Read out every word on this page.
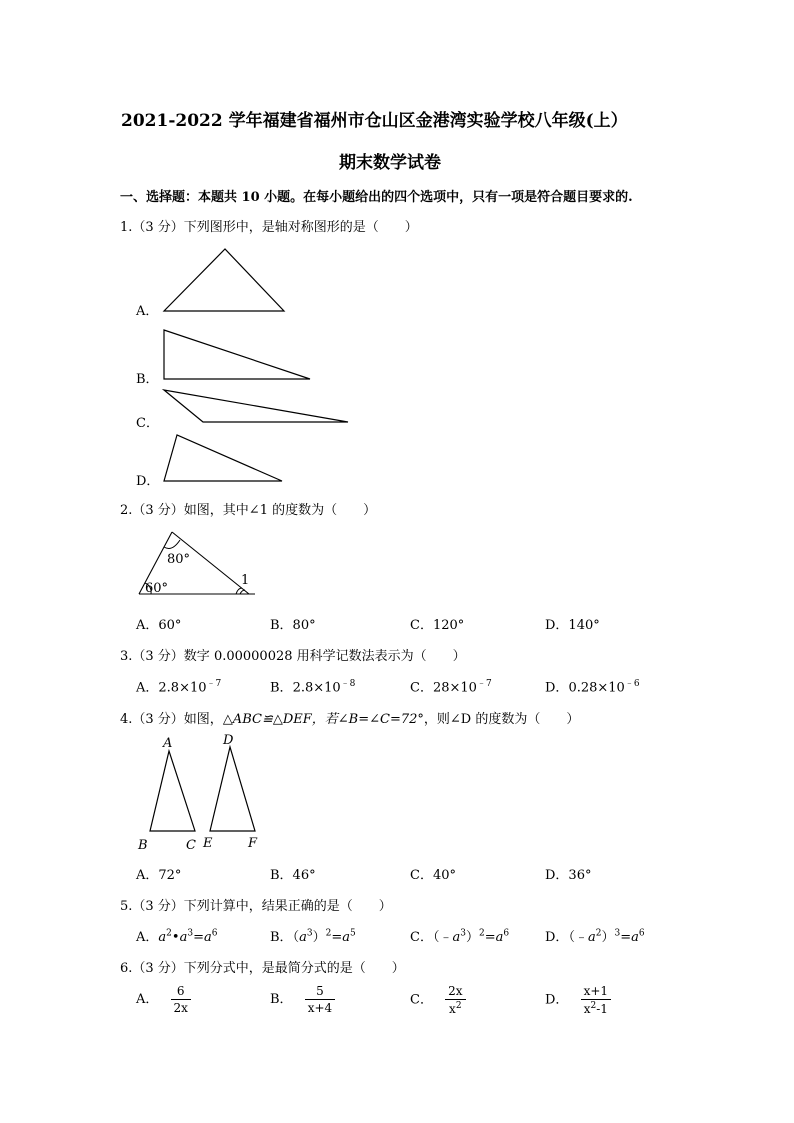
2021-2022 学年福建省福州市仓山区金港湾实验学校八年级(上）
期末数学试卷
一、选择题：本题共 10 小题。在每小题给出的四个选项中，只有一项是符合题目要求的.
1.（3 分）下列图形中，是轴对称图形的是（　　）
A．
B．
C．
D．
2.（3 分）如图，其中∠1 的度数为（　　）
80°
60°
1
A．60°	B．80°	C．120°	D．140°
3.（3 分）数字 0.00000028 用科学记数法表示为（　　）
A．$2.8\times 10^{﹣7}$	B．$2.8\times 10^{﹣8}$	C．$28\times 10^{﹣7}$	D．$0.28\times 10^{﹣6}$
4.（3 分）如图，△ABC≌△DEF，若∠B=∠C=72°，则∠D 的度数为（　　）
A
B	C
D
E	F
A．72°	B．46°	C．40°	D．36°
5.（3 分）下列计算中，结果正确的是（　　）
A．$a^2•a^3=a^6$	B．$(a^3)^2=a^5$	C．$(﹣a^3)^2=a^6$	D．$(﹣a^2)^3=a^6$
6.（3 分）下列分式中，是最简分式的是（　　）
A． $\frac{6}{2x}$	B． $\frac{5}{x+4}$	C． $\frac{2x}{x^2}$	D． $\frac{x+1}{x^2-1}$
